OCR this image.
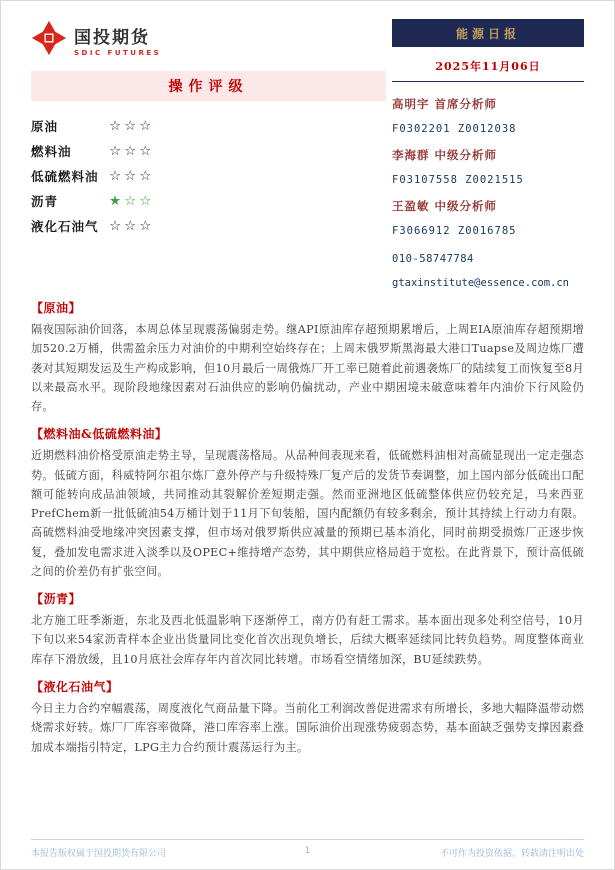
国投期货
SDIC FUTURES
操作评级
原油	☆☆☆
燃料油	☆☆☆
低硫燃料油 ☆☆☆
沥青	★☆☆
液化石油气 ☆☆☆
能源日报
2025年11月06日
高明宇 首席分析师
F0302201 Z0012038
李海群 中级分析师
F03107558 Z0021515
王盈敏 中级分析师
F3066912 Z0016785
010-58747784
gtaxinstitute@essence.com.cn
【原油】
隔夜国际油价回落，本周总体呈现震荡偏弱走势。继API原油库存超预期累增后，上周EIA原油库存超预期增加520.2万桶，供需盈余压力对油价的中期利空始终存在；上周末俄罗斯黑海最大港口Tuapse及周边炼厂遭袭对其短期发运及生产构成影响，但10月最后一周俄炼厂开工率已随着此前遇袭炼厂的陆续复工而恢复至8月以来最高水平。现阶段地缘因素对石油供应的影响仍偏扰动，产业中期困境未破意味着年内油价下行风险仍存。
【燃料油&低硫燃料油】
近期燃料油价格受原油走势主导，呈现震荡格局。从品种间表现来看，低硫燃料油相对高硫显现出一定走强态势。低硫方面，科威特阿尔祖尔炼厂意外停产与升级特殊厂复产后的发货节奏调整，加上国内部分低硫出口配额可能转向成品油领域，共同推动其裂解价差短期走强。然而亚洲地区低硫整体供应仍较充足，马来西亚PrefChem新一批低硫油54万桶计划于11月下旬装船，国内配额仍有较多剩余，预计其持续上行动力有限。高硫燃料油受地缘冲突因素支撑，但市场对俄罗斯供应减量的预期已基本消化，同时前期受损炼厂正逐步恢复，叠加发电需求进入淡季以及OPEC+维持增产态势，其中期供应格局趋于宽松。在此背景下，预计高低硫之间的价差仍有扩张空间。
【沥青】
北方施工旺季渐逝，东北及西北低温影响下逐渐停工，南方仍有赶工需求。基本面出现多处利空信号，10月下旬以来54家沥青样本企业出货量同比变化首次出现负增长，后续大概率延续同比转负趋势。周度整体商业库存下滑放缓，且10月底社会库存年内首次同比转增。市场看空情绪加深，BU延续跌势。
【液化石油气】
今日主力合约窄幅震荡，周度液化气商品量下降。当前化工利润改善促进需求有所增长，多地大幅降温带动燃烧需求好转。炼厂厂库容率微降，港口库容率上涨。国际油价出现涨势疲弱态势，基本面缺乏强势支撑因素叠加成本端指引特定，LPG主力合约预计震荡运行为主。
本报告版权属于国投期货有限公司	1	不可作为投资依据，转载请注明出处
